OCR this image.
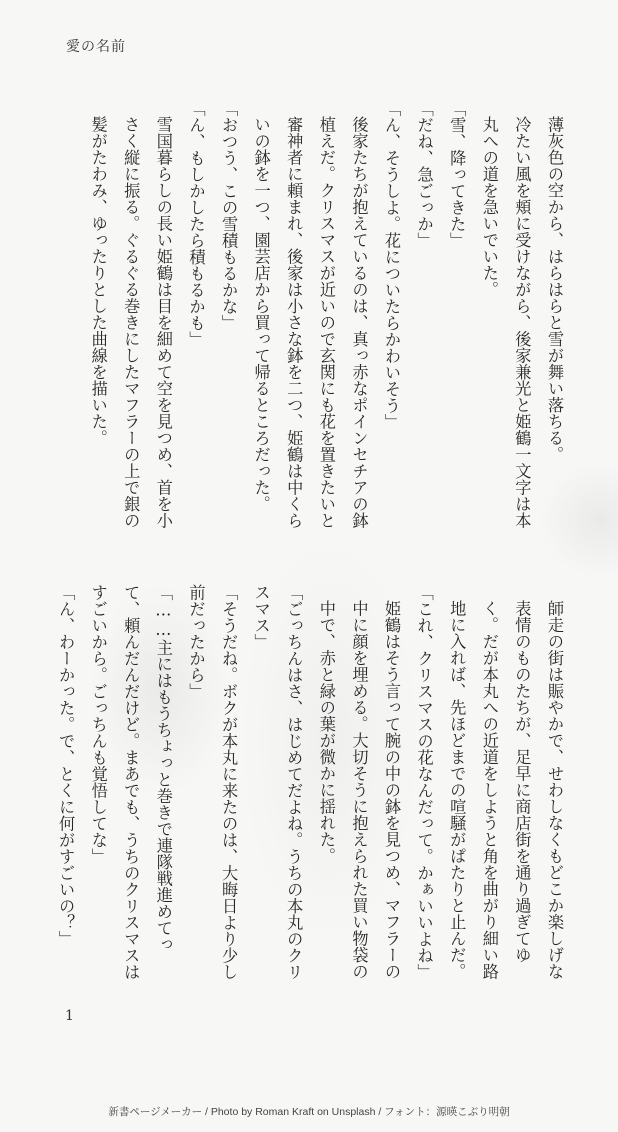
愛の名前

薄灰色の空から、はらはらと雪が舞い落ちる。

冷たい風を頬に受けながら、後家兼光と姫鶴一文字は本丸への道を急いでいた。

「雪、降ってきた」

「だね、急ごっか」

「ん、そうしよ。花についたらかわいそう」

後家たちが抱えているのは、真っ赤なポインセチアの鉢植えだ。クリスマスが近いので玄関にも花を置きたいと審神者に頼まれ、後家は小さな鉢を二つ、姫鶴は中くらいの鉢を一つ、園芸店から買って帰るところだった。

「おつう、この雪積もるかな」

「ん、もしかしたら積もるかも」

雪国暮らしの長い姫鶴は目を細めて空を見つめ、首を小さく縦に振る。ぐるぐる巻きにしたマフラーの上で銀の髪がたわみ、ゆったりとした曲線を描いた。

師走の街は賑やかで、せわしなくもどこか楽しげな表情のものたちが、足早に商店街を通り過ぎてゆく。だが本丸への近道をしようと角を曲がり細い路地に入れば、先ほどまでの喧騒がぱたりと止んだ。

「これ、クリスマスの花なんだって。かぁいいよね」

姫鶴はそう言って腕の中の鉢を見つめ、マフラーの中に顔を埋める。大切そうに抱えられた買い物袋の中で、赤と緑の葉が微かに揺れた。

「ごっちんはさ、はじめてだよね。うちの本丸のクリスマス」

「そうだね。ボクが本丸に来たのは、大晦日より少し前だったから」

「……主にはもうちょっと巻きで連隊戦進めてって、頼んだんだけど。まあでも、うちのクリスマスはすごいから。ごっちんも覚悟してな」

「ん、わーかった。で、とくに何がすごいの？」

1
新書ページメーカー / Photo by Roman Kraft on Unsplash / フォント：源暎こぶり明朝
